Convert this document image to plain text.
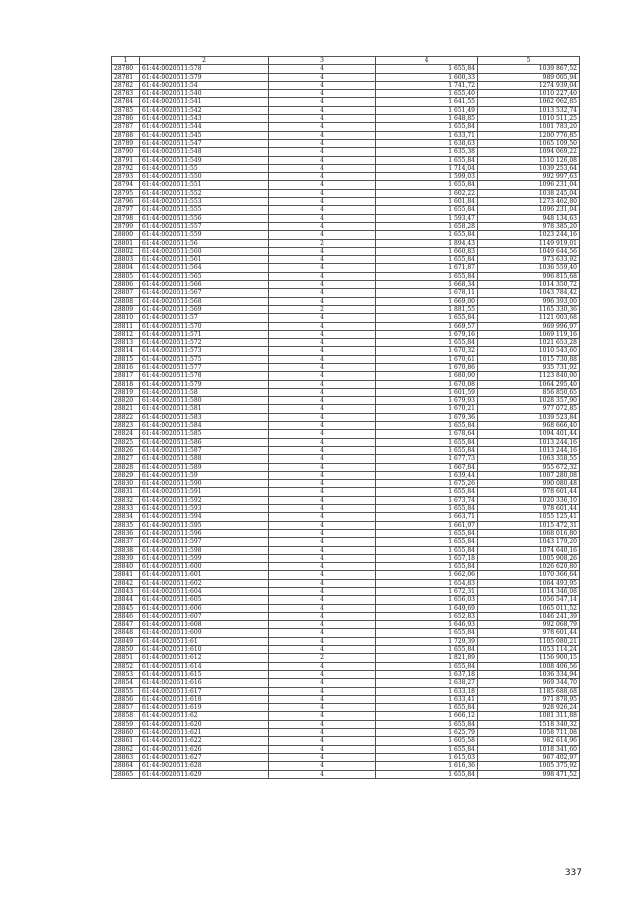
1	2	3	4	5
28780	61:44:0020511:578	4	1 655,84	1039 867,52
28781	61:44:0020511:579	4	1 600,33	989 005,94
28782	61:44:0020511:54	4	1 741,72	1274 939,04
28783	61:44:0020511:540	4	1 655,40	1010 227,40
28784	61:44:0020511:541	4	1 641,55	1062 062,85
28785	61:44:0020511:542	4	1 651,49	1013 532,74
28786	61:44:0020511:543	4	1 648,85	1010 511,25
28787	61:44:0020511:544	4	1 655,84	1001 783,20
28788	61:44:0020511:545	4	1 633,71	1200 776,85
28789	61:44:0020511:547	4	1 638,63	1065 109,50
28790	61:44:0020511:548	4	1 635,38	1094 069,22
28791	61:44:0020511:549	4	1 655,84	1510 126,08
28792	61:44:0020511:55	4	1 714,04	1039 253,64
28793	61:44:0020511:550	4	1 599,03	992 997,63
28794	61:44:0020511:551	4	1 655,84	1096 231,04
28795	61:44:0020511:552	4	1 602,22	1038 245,04
28796	61:44:0020511:553	4	1 601,84	1273 462,80
28797	61:44:0020511:555	4	1 655,84	1096 231,04
28798	61:44:0020511:556	4	1 593,47	948 134,63
28799	61:44:0020511:557	4	1 658,28	978 385,20
28800	61:44:0020511:559	4	1 655,84	1023 244,16
28801	61:44:0020511:56	2	1 894,43	1149 919,01
28802	61:44:0020511:560	4	1 660,83	1049 644,56
28803	61:44:0020511:561	4	1 655,84	973 633,92
28804	61:44:0020511:564	4	1 671,87	1036 559,40
28805	61:44:0020511:565	4	1 655,84	996 815,68
28806	61:44:0020511:566	4	1 668,34	1014 350,72
28807	61:44:0020511:567	4	1 678,11	1043 784,42
28808	61:44:0020511:568	4	1 669,00	996 393,00
28809	61:44:0020511:569	2	1 881,55	1165 330,36
28810	61:44:0020511:57	4	1 655,84	1121 003,68
28811	61:44:0020511:570	4	1 669,57	969 996,97
28812	61:44:0020511:571	4	1 679,16	1069 119,16
28813	61:44:0020511:572	4	1 655,84	1021 653,28
28814	61:44:0020511:573	4	1 670,32	1010 543,60
28815	61:44:0020511:575	4	1 670,61	1015 730,88
28816	61:44:0020511:577	4	1 670,86	935 731,92
28817	61:44:0020511:578	4	1 680,00	1123 840,00
28818	61:44:0020511:579	4	1 670,08	1064 295,40
28819	61:44:0020511:58	4	1 601,59	856 850,65
28820	61:44:0020511:580	4	1 679,93	1028 357,90
28821	61:44:0020511:581	4	1 670,21	977 072,85
28822	61:44:0020511:583	4	1 679,36	1039 523,84
28823	61:44:0020511:584	4	1 655,84	968 666,40
28824	61:44:0020511:585	4	1 678,64	1094 401,44
28825	61:44:0020511:586	4	1 655,84	1013 244,16
28826	61:44:0020511:587	4	1 655,84	1013 244,16
28827	61:44:0020511:588	4	1 677,73	1063 358,55
28828	61:44:0020511:589	4	1 667,84	955 672,32
28829	61:44:0020511:59	4	1 639,44	1007 280,08
28830	61:44:0020511:590	4	1 675,26	990 080,48
28831	61:44:0020511:591	4	1 655,84	978 601,44
28832	61:44:0020511:592	4	1 673,74	1020 336,10
28833	61:44:0020511:593	4	1 655,84	978 601,44
28834	61:44:0020511:594	4	1 663,71	1055 125,41
28835	61:44:0020511:595	4	1 661,97	1015 472,31
28836	61:44:0020511:596	4	1 655,84	1068 016,80
28837	61:44:0020511:597	4	1 655,84	1043 179,20
28838	61:44:0020511:598	4	1 655,84	1074 640,16
28839	61:44:0020511:599	4	1 657,18	1005 908,26
28840	61:44:0020511:600	4	1 655,84	1026 620,80
28841	61:44:0020511:601	4	1 662,06	1070 366,64
28842	61:44:0020511:602	4	1 654,83	1064 493,95
28843	61:44:0020511:604	4	1 672,31	1014 346,08
28844	61:44:0020511:605	4	1 656,03	1056 547,14
28845	61:44:0020511:606	4	1 649,69	1065 011,52
28846	61:44:0020511:607	4	1 652,83	1046 241,39
28847	61:44:0020511:608	4	1 646,93	992 068,79
28848	61:44:0020511:609	4	1 655,84	978 601,44
28849	61:44:0020511:61	4	1 729,39	1105 080,21
28850	61:44:0020511:610	4	1 655,84	1053 114,24
28851	61:44:0020511:612	2	1 821,89	1156 900,15
28852	61:44:0020511:614	4	1 655,84	1008 406,56
28853	61:44:0020511:615	4	1 637,18	1036 334,94
28854	61:44:0020511:616	4	1 638,27	969 344,70
28855	61:44:0020511:617	4	1 633,18	1185 688,68
28856	61:44:0020511:618	4	1 633,41	971 878,95
28857	61:44:0020511:619	4	1 655,84	928 926,24
28858	61:44:0020511:62	4	1 666,12	1081 311,88
28859	61:44:0020511:620	4	1 655,84	1518 340,32
28860	61:44:0020511:621	4	1 625,79	1058 711,08
28861	61:44:0020511:622	4	1 605,58	982 614,96
28862	61:44:0020511:626	4	1 655,84	1018 341,60
28863	61:44:0020511:627	4	1 615,03	967 402,97
28864	61:44:0020511:628	4	1 616,36	1005 375,92
28865	61:44:0020511:629	4	1 655,84	998 471,52
337
